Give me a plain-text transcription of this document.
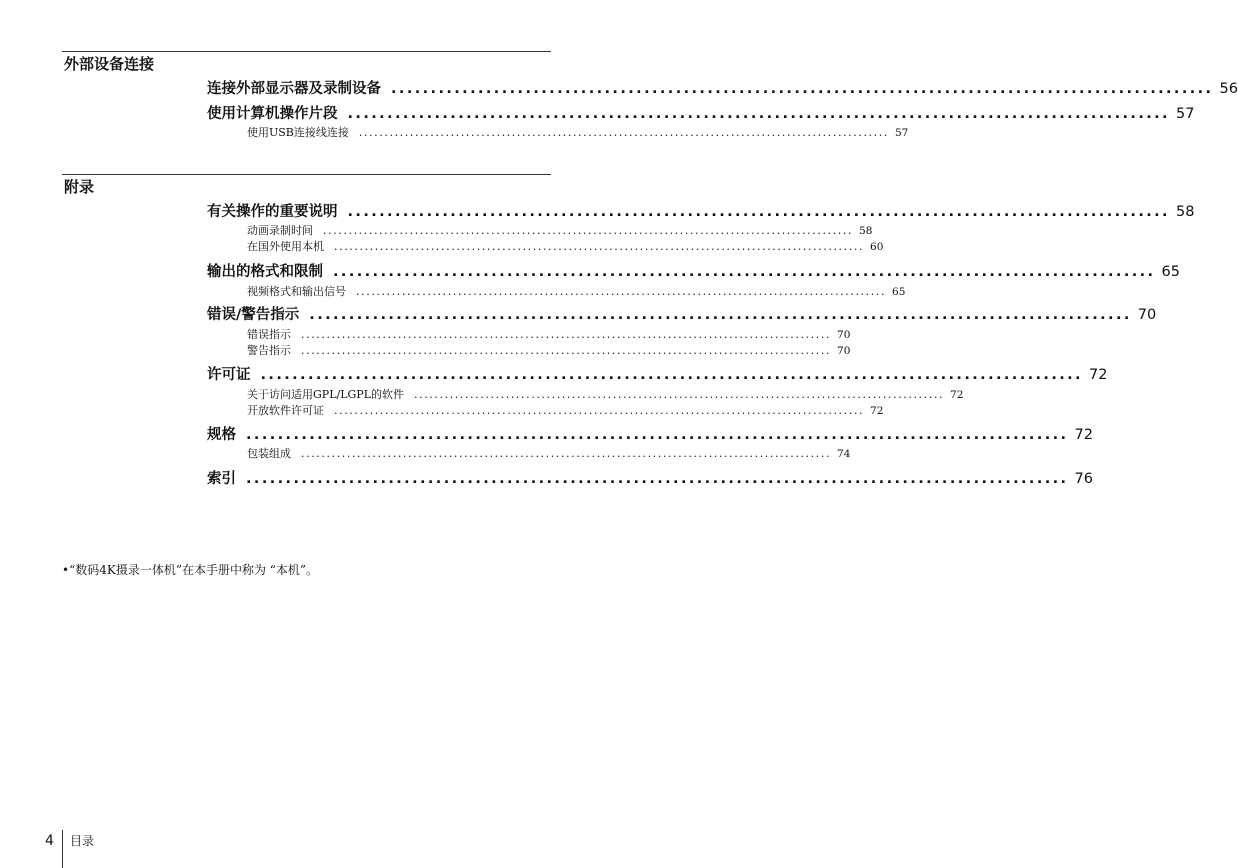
外部设备连接
连接外部显示器及录制设备 ........................................................................................................ 56
使用计算机操作片段 ........................................................................................................ 57
使用USB连接线连接 ........................................................................................................ 57
附录
有关操作的重要说明 ........................................................................................................ 58
动画录制时间 ........................................................................................................ 58
在国外使用本机 ........................................................................................................ 60
输出的格式和限制 ........................................................................................................ 65
视频格式和输出信号 ........................................................................................................ 65
错误/警告指示 ........................................................................................................ 70
错误指示 ........................................................................................................ 70
警告指示 ........................................................................................................ 70
许可证 ........................................................................................................ 72
关于访问适用GPL/LGPL的软件 ........................................................................................................ 72
开放软件许可证 ........................................................................................................ 72
规格 ........................................................................................................ 72
包装组成 ........................................................................................................ 74
索引 ........................................................................................................ 76
•“数码4K摄录一体机”在本手册中称为 “本机”。
4 目录
